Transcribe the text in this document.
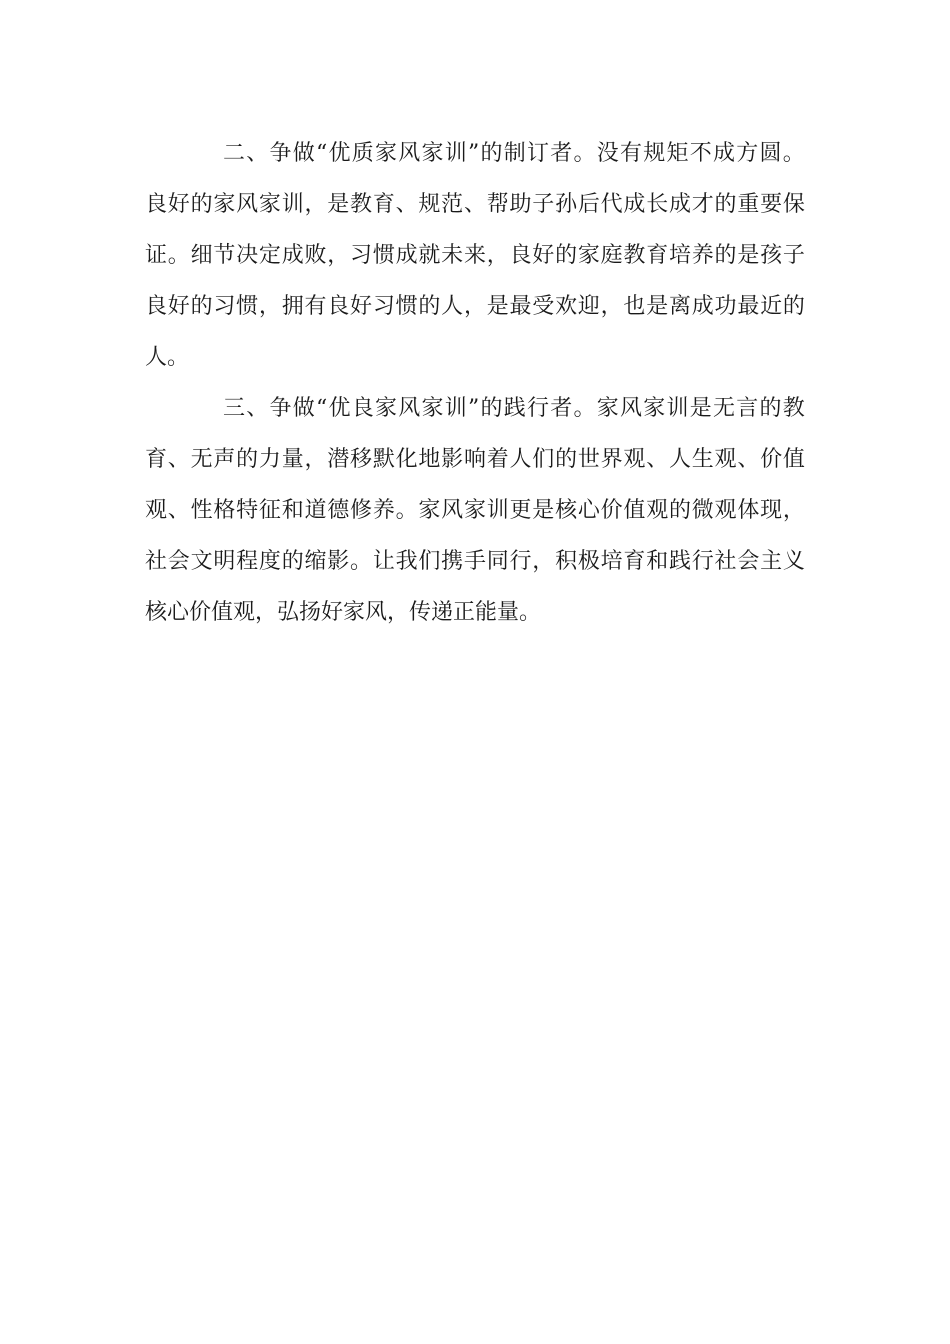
二 、 争 做 “ 优 质 家 风 家 训 ” 的 制 订 者 。 没 有 规 矩 不 成 方 圆 。
良 好 的 家 风 家 训 ， 是 教 育 、 规 范 、 帮 助 子 孙 后 代 成 长 成 才 的 重 要 保
证 。 细 节 决 定 成 败 ， 习 惯 成 就 未 来 ， 良 好 的 家 庭 教 育 培 养 的 是 孩 子
良 好 的 习 惯 ， 拥 有 良 好 习 惯 的 人 ， 是 最 受 欢 迎 ， 也 是 离 成 功 最 近 的
人。
三 、 争 做 “ 优 良 家 风 家 训 ” 的 践 行 者 。 家 风 家 训 是 无 言 的 教
育 、 无 声 的 力 量 ， 潜 移 默 化 地 影 响 着 人 们 的 世 界 观 、 人 生 观 、 价 值
观 、 性 格 特 征 和 道 德 修 养 。 家 风 家 训 更 是 核 心 价 值 观 的 微 观 体 现 ，
社 会 文 明 程 度 的 缩 影 。 让 我 们 携 手 同 行 ， 积 极 培 育 和 践 行 社 会 主 义
核心价值观，弘扬好家风，传递正能量。
